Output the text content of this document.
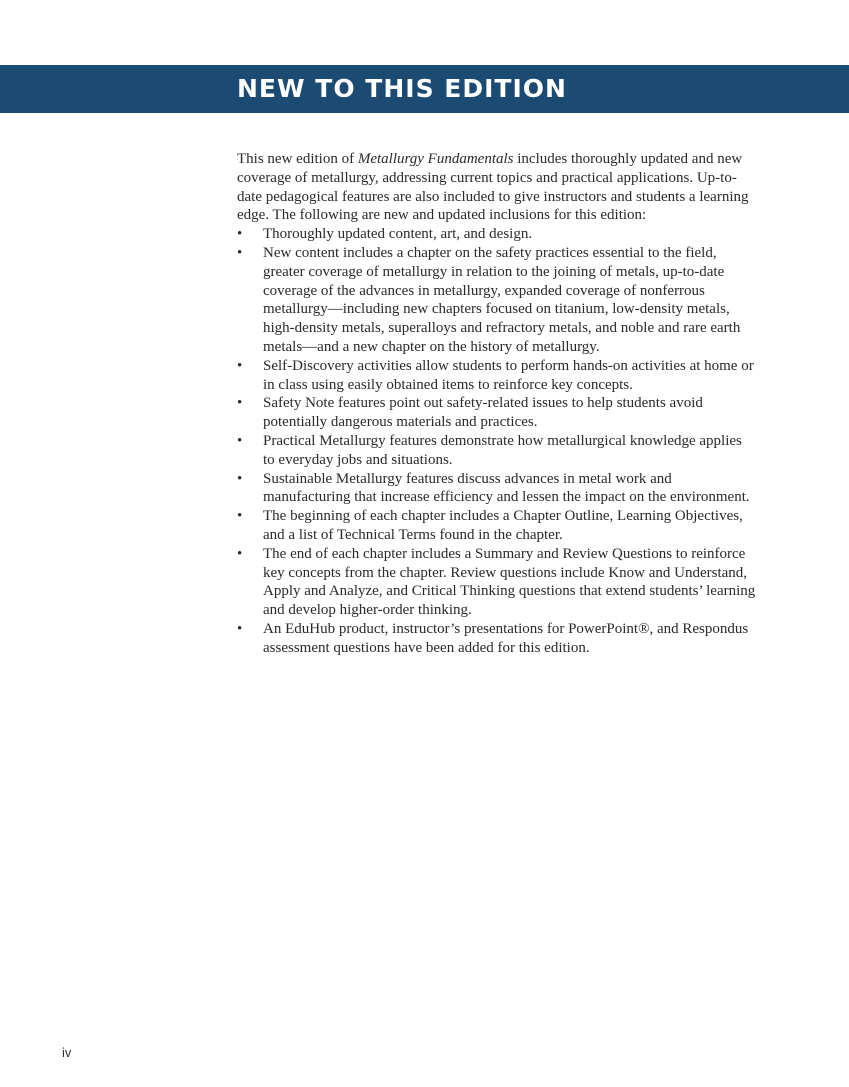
NEW TO THIS EDITION

This new edition of Metallurgy Fundamentals includes thoroughly updated and new coverage of metallurgy, addressing current topics and practical applications. Up-to-date pedagogical features are also included to give instructors and students a learning edge. The following are new and updated inclusions for this edition:

• Thoroughly updated content, art, and design.
• New content includes a chapter on the safety practices essential to the field, greater coverage of metallurgy in relation to the joining of metals, up-to-date coverage of the advances in metallurgy, expanded coverage of nonferrous metallurgy—including new chapters focused on titanium, low-density metals, high-density metals, superalloys and refractory metals, and noble and rare earth metals—and a new chapter on the history of metallurgy.
• Self-Discovery activities allow students to perform hands-on activities at home or in class using easily obtained items to reinforce key concepts.
• Safety Note features point out safety-related issues to help students avoid potentially dangerous materials and practices.
• Practical Metallurgy features demonstrate how metallurgical knowledge applies to everyday jobs and situations.
• Sustainable Metallurgy features discuss advances in metal work and manufacturing that increase efficiency and lessen the impact on the environment.
• The beginning of each chapter includes a Chapter Outline, Learning Objectives, and a list of Technical Terms found in the chapter.
• The end of each chapter includes a Summary and Review Questions to reinforce key concepts from the chapter. Review questions include Know and Understand, Apply and Analyze, and Critical Thinking questions that extend students’ learning and develop higher-order thinking.
• An EduHub product, instructor’s presentations for PowerPoint®, and Respondus assessment questions have been added for this edition.
iv
